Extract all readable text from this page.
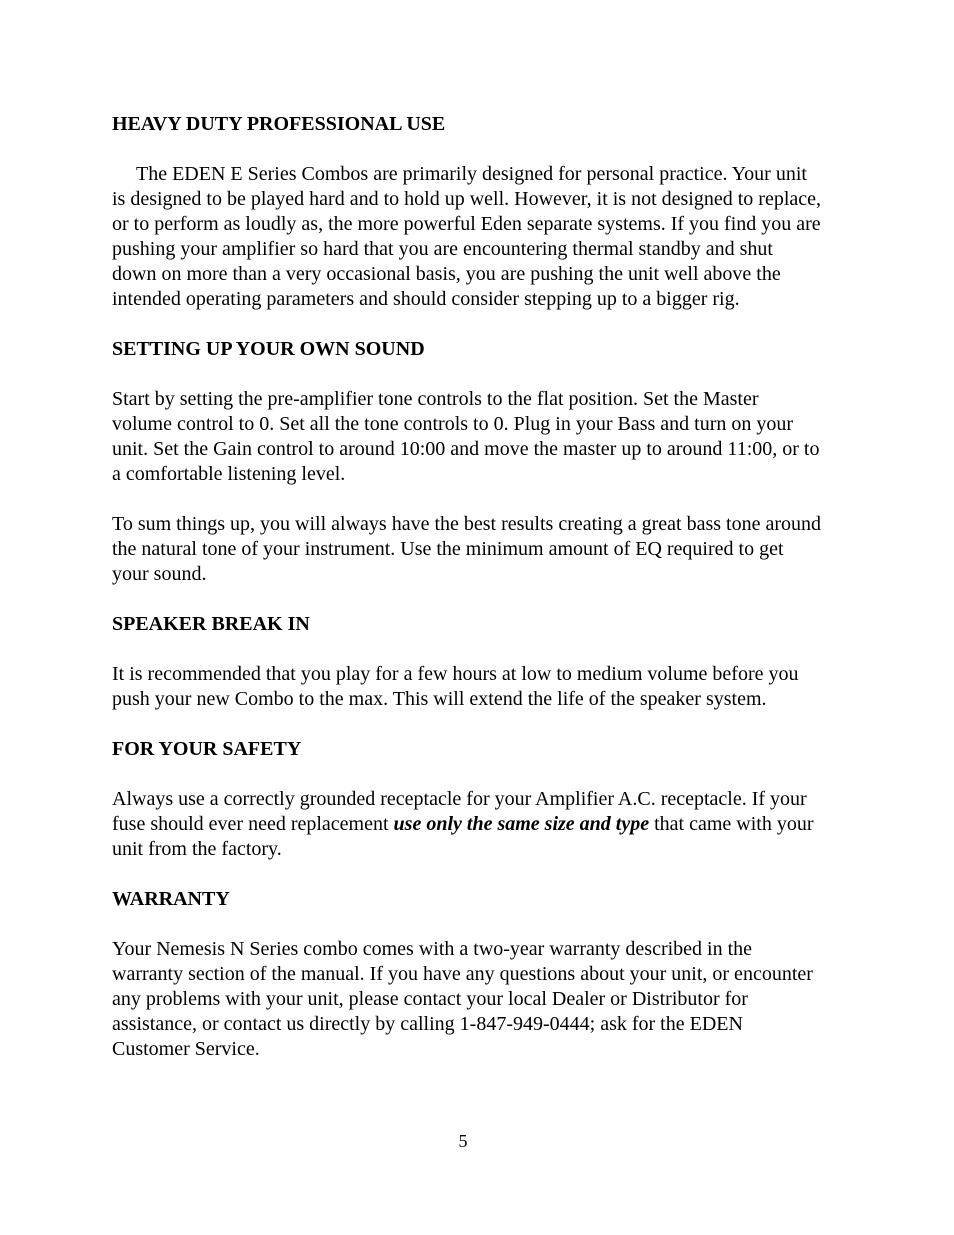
HEAVY DUTY PROFESSIONAL USE

The EDEN E Series Combos are primarily designed for personal practice. Your unit is designed to be played hard and to hold up well. However, it is not designed to replace, or to perform as loudly as, the more powerful Eden separate systems. If you find you are pushing your amplifier so hard that you are encountering thermal standby and shut down on more than a very occasional basis, you are pushing the unit well above the intended operating parameters and should consider stepping up to a bigger rig.

SETTING UP YOUR OWN SOUND

Start by setting the pre-amplifier tone controls to the flat position. Set the Master volume control to 0. Set all the tone controls to 0. Plug in your Bass and turn on your unit. Set the Gain control to around 10:00 and move the master up to around 11:00, or to a comfortable listening level.

To sum things up, you will always have the best results creating a great bass tone around the natural tone of your instrument. Use the minimum amount of EQ required to get your sound.

SPEAKER BREAK IN

It is recommended that you play for a few hours at low to medium volume before you push your new Combo to the max. This will extend the life of the speaker system.

FOR YOUR SAFETY

Always use a correctly grounded receptacle for your Amplifier A.C. receptacle. If your fuse should ever need replacement use only the same size and type that came with your unit from the factory.

WARRANTY

Your Nemesis N Series combo comes with a two-year warranty described in the warranty section of the manual. If you have any questions about your unit, or encounter any problems with your unit, please contact your local Dealer or Distributor for assistance, or contact us directly by calling 1-847-949-0444; ask for the EDEN Customer Service.

5
